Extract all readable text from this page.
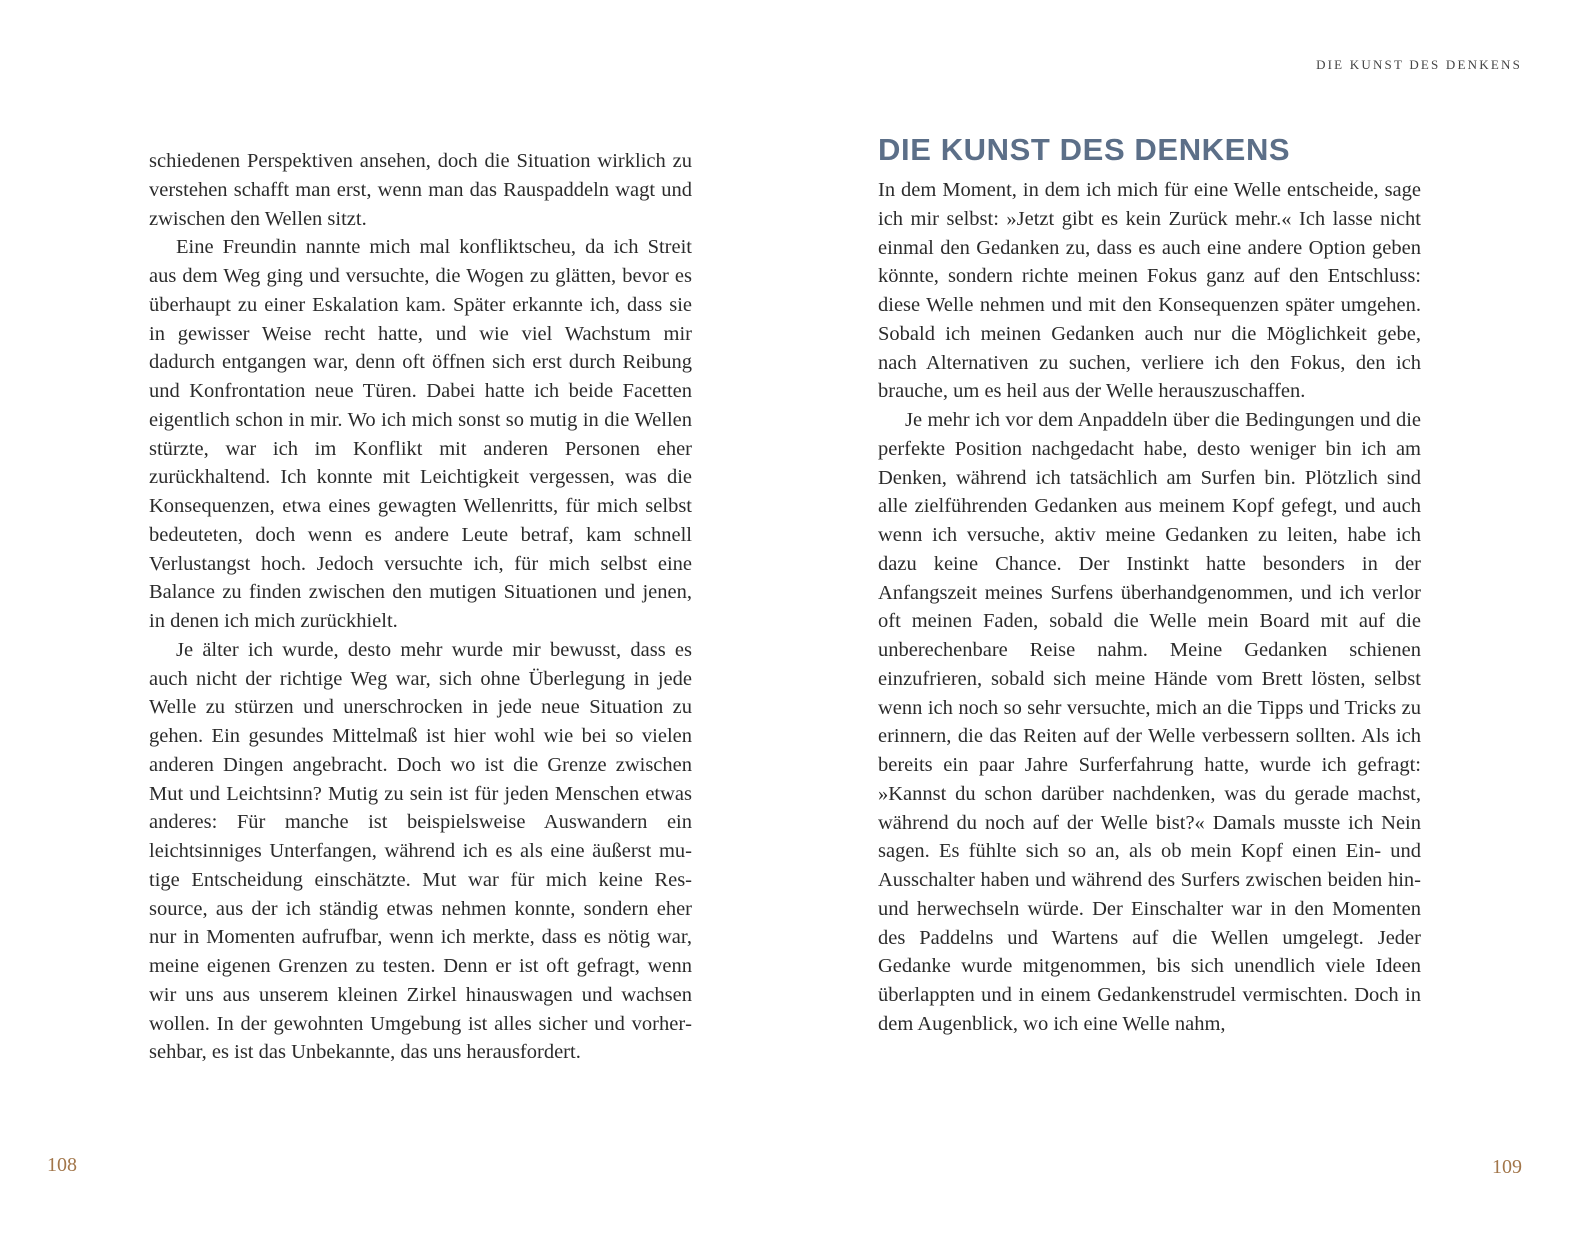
DIE KUNST DES DENKENS

schiedenen Perspektiven ansehen, doch die Situation wirklich zu verstehen schafft man erst, wenn man das Rauspaddeln wagt und zwischen den Wellen sitzt.

Eine Freundin nannte mich mal konfliktscheu, da ich Streit aus dem Weg ging und versuchte, die Wogen zu glätten, bevor es überhaupt zu einer Eskalation kam. Später erkannte ich, dass sie in gewisser Weise recht hatte, und wie viel Wachstum mir dadurch entgangen war, denn oft öffnen sich erst durch Reibung und Konfrontation neue Türen. Dabei hatte ich beide Facetten eigentlich schon in mir. Wo ich mich sonst so mutig in die Wellen stürzte, war ich im Konflikt mit anderen Personen eher zurückhaltend. Ich konnte mit Leichtigkeit vergessen, was die Konsequenzen, etwa eines gewagten Wellenritts, für mich selbst bedeuteten, doch wenn es andere Leute betraf, kam schnell Verlustangst hoch. Jedoch versuchte ich, für mich selbst eine Balance zu finden zwischen den mutigen Situationen und jenen, in denen ich mich zurückhielt.

Je älter ich wurde, desto mehr wurde mir bewusst, dass es auch nicht der richtige Weg war, sich ohne Überlegung in jede Welle zu stürzen und unerschrocken in jede neue Situation zu gehen. Ein gesundes Mittelmaß ist hier wohl wie bei so vielen anderen Dingen angebracht. Doch wo ist die Grenze zwischen Mut und Leichtsinn? Mutig zu sein ist für jeden Menschen etwas anderes: Für manche ist beispielsweise Auswandern ein leichtsinniges Unterfangen, während ich es als eine äußerst mutige Entscheidung einschätzte. Mut war für mich keine Ressource, aus der ich ständig etwas nehmen konnte, sondern eher nur in Momenten aufrufbar, wenn ich merkte, dass es nötig war, meine eigenen Grenzen zu testen. Denn er ist oft gefragt, wenn wir uns aus unserem kleinen Zirkel hinauswagen und wachsen wollen. In der gewohnten Umgebung ist alles sicher und vorhersehbar, es ist das Unbekannte, das uns herausfordert.

DIE KUNST DES DENKENS

In dem Moment, in dem ich mich für eine Welle entscheide, sage ich mir selbst: »Jetzt gibt es kein Zurück mehr.« Ich lasse nicht einmal den Gedanken zu, dass es auch eine andere Option geben könnte, sondern richte meinen Fokus ganz auf den Entschluss: diese Welle nehmen und mit den Konsequenzen später umgehen. Sobald ich meinen Gedanken auch nur die Möglichkeit gebe, nach Alternativen zu suchen, verliere ich den Fokus, den ich brauche, um es heil aus der Welle herauszuschaffen.

Je mehr ich vor dem Anpaddeln über die Bedingungen und die perfekte Position nachgedacht habe, desto weniger bin ich am Denken, während ich tatsächlich am Surfen bin. Plötzlich sind alle zielführenden Gedanken aus meinem Kopf gefegt, und auch wenn ich versuche, aktiv meine Gedanken zu leiten, habe ich dazu keine Chance. Der Instinkt hatte besonders in der Anfangszeit meines Surfens überhandgenommen, und ich verlor oft meinen Faden, sobald die Welle mein Board mit auf die unberechenbare Reise nahm. Meine Gedanken schienen einzufrieren, sobald sich meine Hände vom Brett lösten, selbst wenn ich noch so sehr versuchte, mich an die Tipps und Tricks zu erinnern, die das Reiten auf der Welle verbessern sollten. Als ich bereits ein paar Jahre Surferfahrung hatte, wurde ich gefragt: »Kannst du schon darüber nachdenken, was du gerade machst, während du noch auf der Welle bist?« Damals musste ich Nein sagen. Es fühlte sich so an, als ob mein Kopf einen Ein- und Ausschalter haben und während des Surfers zwischen beiden hin- und herwechseln würde. Der Einschalter war in den Momenten des Paddelns und Wartens auf die Wellen umgelegt. Jeder Gedanke wurde mitgenommen, bis sich unendlich viele Ideen überlappten und in einem Gedankenstrudel vermischten. Doch in dem Augenblick, wo ich eine Welle nahm,

108	109
